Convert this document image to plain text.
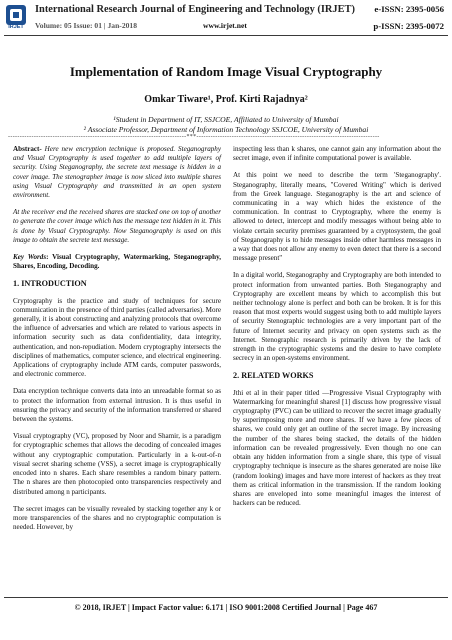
IRJET
International Research Journal of Engineering and Technology (IRJET) e-ISSN: 2395-0056
Volume: 05 Issue: 01 | Jan-2018	www.irjet.net	p-ISSN: 2395-0072
Implementation of Random Image Visual Cryptography
Omkar Tiware¹, Prof. Kirti Rajadnya²
¹Student in Department of IT, SSJCOE, Affiliated to University of Mumbai
² Associate Professor, Department of Information Technology SSJCOE, University of Mumbai
----------------------------------------------------------------------------***------------------------------------------------------------------------------

Abstract- Here new encryption technique is proposed. Steganography and Visual Cryptography is used together to add multiple layers of security. Using Steganography, the secrete text message is hidden in a cover image. The stenographer image is now sliced into multiple shares using Visual Cryptography and transmitted in an open system environment.

At the receiver end the received shares are stacked one on top of another to generate the cover image which has the message text hidden in it. This is done by Visual Cryptography. Now Steganography is used on this image to obtain the secrete text message.

Key Words: Visual Cryptography, Watermarking, Steganography, Shares, Encoding, Decoding.

1. INTRODUCTION

Cryptography is the practice and study of techniques for secure communication in the presence of third parties (called adversaries). More generally, it is about constructing and analyzing protocols that overcome the influence of adversaries and which are related to various aspects in information security such as data confidentiality, data integrity, authentication, and non-repudiation. Modern cryptography intersects the disciplines of mathematics, computer science, and electrical engineering. Applications of cryptography include ATM cards, computer passwords, and electronic commerce.

Data encryption technique converts data into an unreadable format so as to protect the information from external intrusion. It is thus useful in ensuring the privacy and security of the information transferred or shared between the systems.

Visual cryptography (VC), proposed by Noor and Shamir, is a paradigm for cryptographic schemes that allows the decoding of concealed images without any cryptographic computation. Particularly in a k-out-of-n visual secret sharing scheme (VSS), a secret image is cryptographically encoded into n shares. Each share resembles a random binary pattern. The n shares are then photocopied onto transparencies respectively and distributed among n participants.

The secret images can be visually revealed by stacking together any k or more transparencies of the shares and no cryptographic computation is needed. However, by

inspecting less than k shares, one cannot gain any information about the secret image, even if infinite computational power is available.

At this point we need to describe the term 'Steganography'. Steganography, literally means, "Covered Writing" which is derived from the Greek language. Steganography is the art and science of communicating in a way which hides the existence of the communication. In contrast to Cryptography, where the enemy is allowed to detect, intercept and modify messages without being able to violate certain security premises guaranteed by a cryptosystem, the goal of Steganography is to hide messages inside other harmless messages in a way that does not allow any enemy to even detect that there is a second message present"

In a digital world, Steganography and Cryptography are both intended to protect information from unwanted parties. Both Steganography and Cryptography are excellent means by which to accomplish this but neither technology alone is perfect and both can be broken. It is for this reason that most experts would suggest using both to add multiple layers of security Stenographic technologies are a very important part of the future of Internet security and privacy on open systems such as the Internet. Stenographic research is primarily driven by the lack of strength in the cryptographic systems and the desire to have complete secrecy in an open-systems environment.

2. RELATED WORKS

Jthi et al in their paper titled ―Progressive Visual Cryptography with Watermarking for meaningful shares‖ [1] discuss how progressive visual cryptography (PVC) can be utilized to recover the secret image gradually by superimposing more and more shares. If we have a few pieces of shares, we could only get an outline of the secret image. By increasing the number of the shares being stacked, the details of the hidden information can be revealed progressively. Even though no one can obtain any hidden information from a single share, this type of visual cryptography technique is insecure as the shares generated are noise like (random looking) images and have more interest of hackers as they treat them as critical information in the transmission. If the random looking shares are enveloped into some meaningful images the interest of hackers can be reduced.

© 2018, IRJET | Impact Factor value: 6.171 | ISO 9001:2008 Certified Journal | Page 467
